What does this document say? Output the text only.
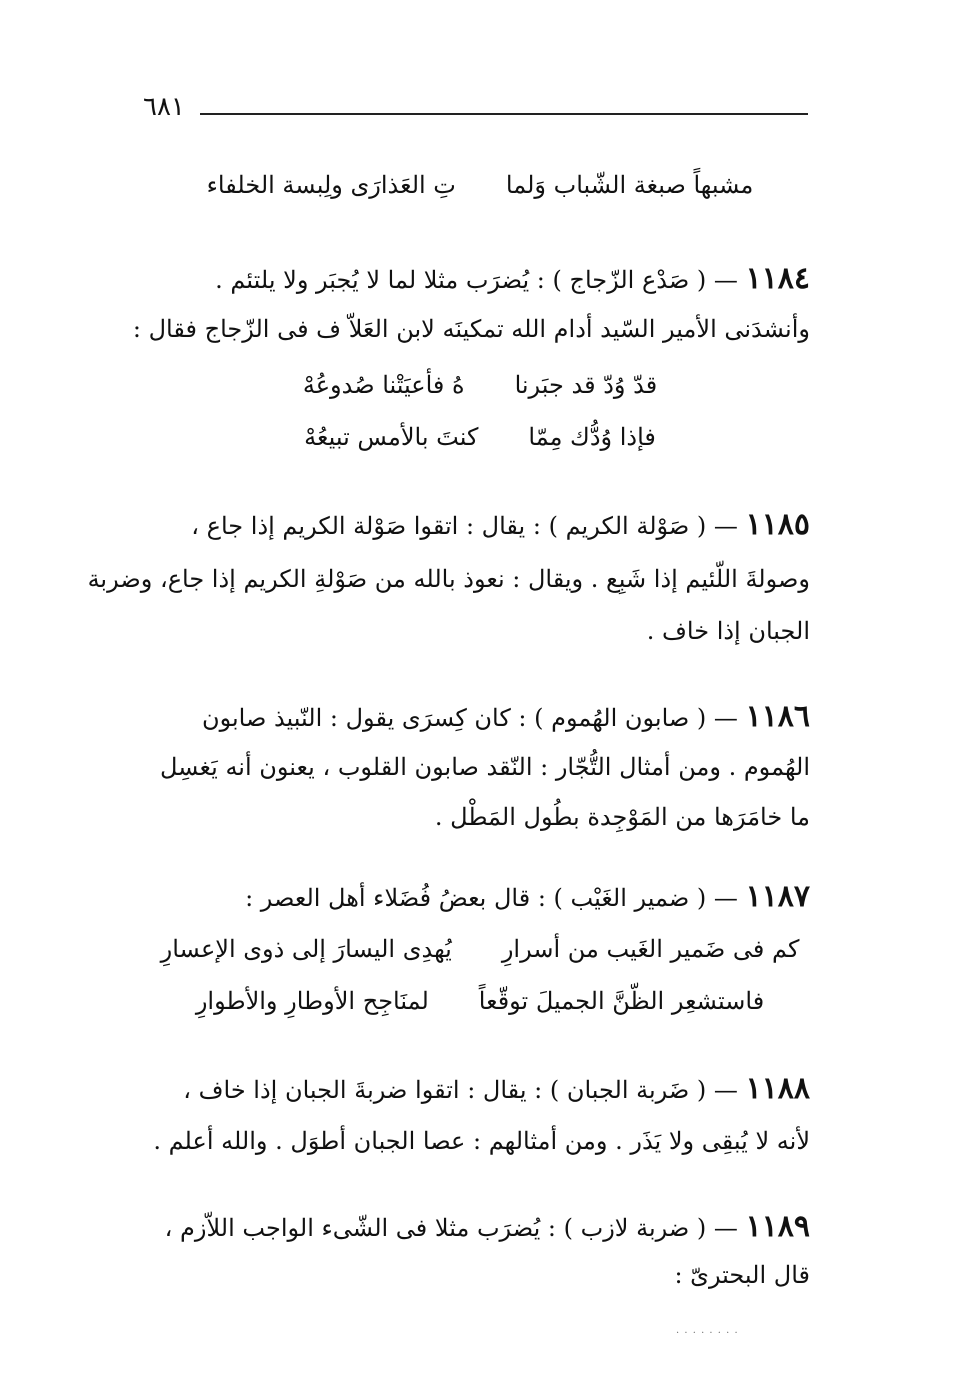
٦٨١
مشبهاً صبغة الشّباب وَلما
تِ العَذارَى ولِبسة الخلفاء
١١٨٤ — ( صَدْع الزّجاج ) : يُضرَب مثلا لما لا يُجبَر ولا يلتئم .
وأنشدَنى الأمير السّيد أدام الله تمكينَه لابن العَلاّ ف فى الزّجاج فقال :
قدّ وُدّ قد جبَرنا
هُ فأعيَتْنا صُدوعُهْ
فإذا وُدُّك مِمّا
كنتَ بالأمس تبيعُهْ
١١٨٥ — ( صَوْلة الكريم ) : يقال : اتقوا صَوْلة الكريم إذا جاع ،
وصولةَ اللّئيم إذا شَبِع . ويقال : نعوذ بالله من صَوْلةِ الكريم إذا جاع، وضربة
الجبان إذا خاف .
١١٨٦ — ( صابون الهُموم ) : كان كِسرَى يقول : النّبيذ صابون
الهُموم . ومن أمثال التُّجّار : النّقد صابون القلوب ، يعنون أنه يَغسِل
ما خامَرَها من المَوْجِدة بطُول المَطْل .
١١٨٧ — ( ضمير الغَيْب ) : قال بعضُ فُضَلاء أهل العصر :
كم فى ضَمير الغَيب من أسرارِ
يُهدِى اليسارَ إلى ذوى الإعسارِ
فاستشعِر الظّنَّ الجميلَ توقّعاً
لمنَاجِح الأوطارِ والأطوارِ
١١٨٨ — ( ضَربة الجبان ) : يقال : اتقوا ضربةَ الجبان إذا خاف ،
لأنه لا يُبقِى ولا يَذَر . ومن أمثالهم : عصا الجبان أطوَل . والله أعلم .
١١٨٩ — ( ضربة لازب ) : يُضرَب مثلا فى الشّىء الواجب اللاّزم ،
قال البحترىّ :
· · · · · · · ·
